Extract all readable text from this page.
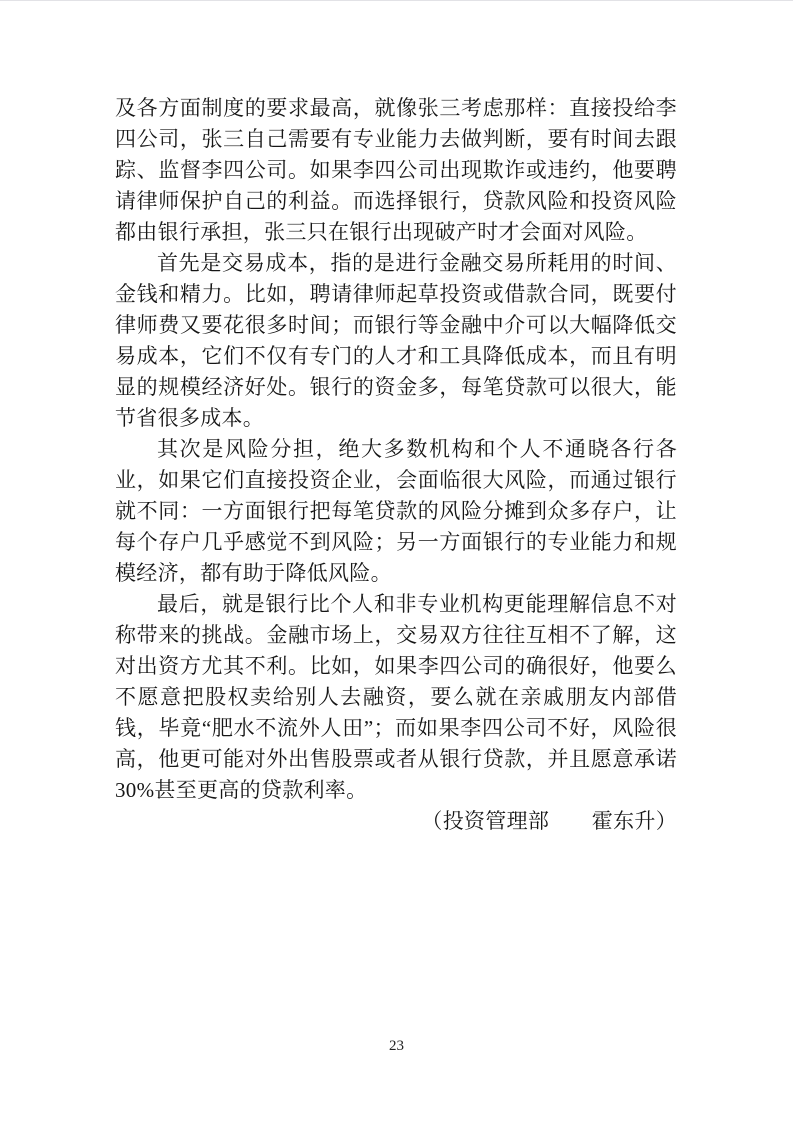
及各方面制度的要求最高，就像张三考虑那样：直接投给李四公司，张三自己需要有专业能力去做判断，要有时间去跟踪、监督李四公司。如果李四公司出现欺诈或违约，他要聘请律师保护自己的利益。而选择银行，贷款风险和投资风险都由银行承担，张三只在银行出现破产时才会面对风险。

首先是交易成本，指的是进行金融交易所耗用的时间、金钱和精力。比如，聘请律师起草投资或借款合同，既要付律师费又要花很多时间；而银行等金融中介可以大幅降低交易成本，它们不仅有专门的人才和工具降低成本，而且有明显的规模经济好处。银行的资金多，每笔贷款可以很大，能节省很多成本。

其次是风险分担，绝大多数机构和个人不通晓各行各业，如果它们直接投资企业，会面临很大风险，而通过银行就不同：一方面银行把每笔贷款的风险分摊到众多存户，让每个存户几乎感觉不到风险；另一方面银行的专业能力和规模经济，都有助于降低风险。

最后，就是银行比个人和非专业机构更能理解信息不对称带来的挑战。金融市场上，交易双方往往互相不了解，这对出资方尤其不利。比如，如果李四公司的确很好，他要么不愿意把股权卖给别人去融资，要么就在亲戚朋友内部借钱，毕竟“肥水不流外人田”；而如果李四公司不好，风险很高，他更可能对外出售股票或者从银行贷款，并且愿意承诺 30%甚至更高的贷款利率。

（投资管理部　　霍东升）

23
